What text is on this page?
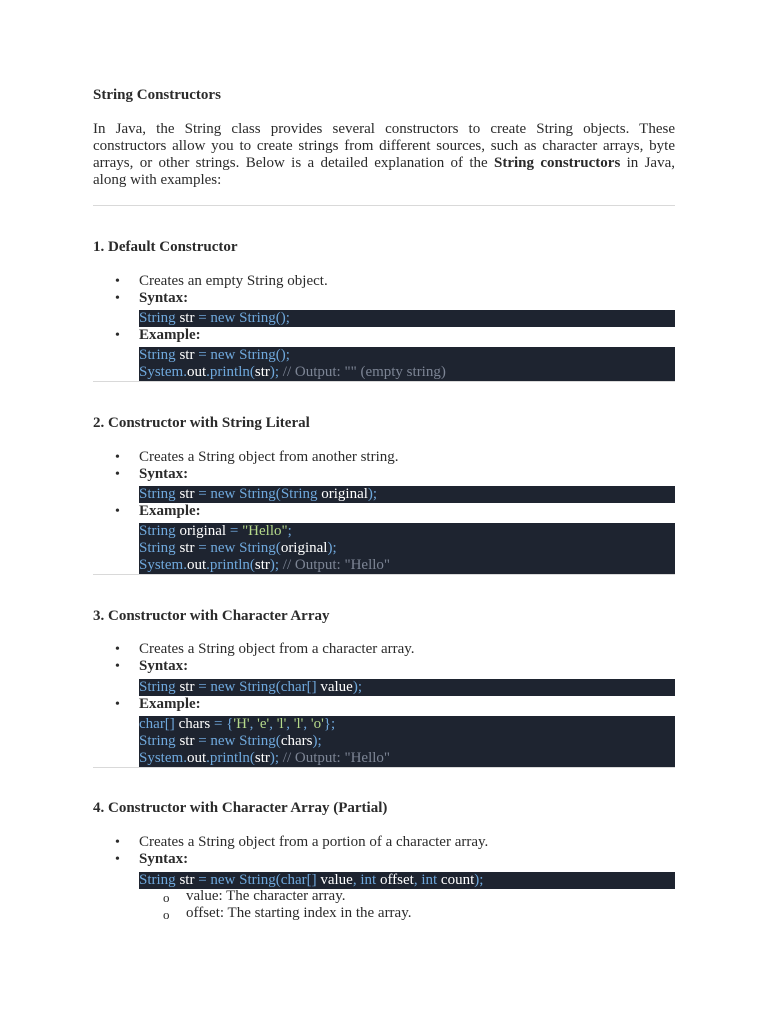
String Constructors
In Java, the String class provides several constructors to create String objects. These constructors allow you to create strings from different sources, such as character arrays, byte arrays, or other strings. Below is a detailed explanation of the String constructors in Java, along with examples:
1. Default Constructor
• Creates an empty String object.
• Syntax:
String str = new String();
• Example:
String str = new String();
System.out.println(str); // Output: "" (empty string)
2. Constructor with String Literal
• Creates a String object from another string.
• Syntax:
String str = new String(String original);
• Example:
String original = "Hello";
String str = new String(original);
System.out.println(str); // Output: "Hello"
3. Constructor with Character Array
• Creates a String object from a character array.
• Syntax:
String str = new String(char[] value);
• Example:
char[] chars = {'H', 'e', 'l', 'l', 'o'};
String str = new String(chars);
System.out.println(str); // Output: "Hello"
4. Constructor with Character Array (Partial)
• Creates a String object from a portion of a character array.
• Syntax:
String str = new String(char[] value, int offset, int count);
o value: The character array.
o offset: The starting index in the array.
